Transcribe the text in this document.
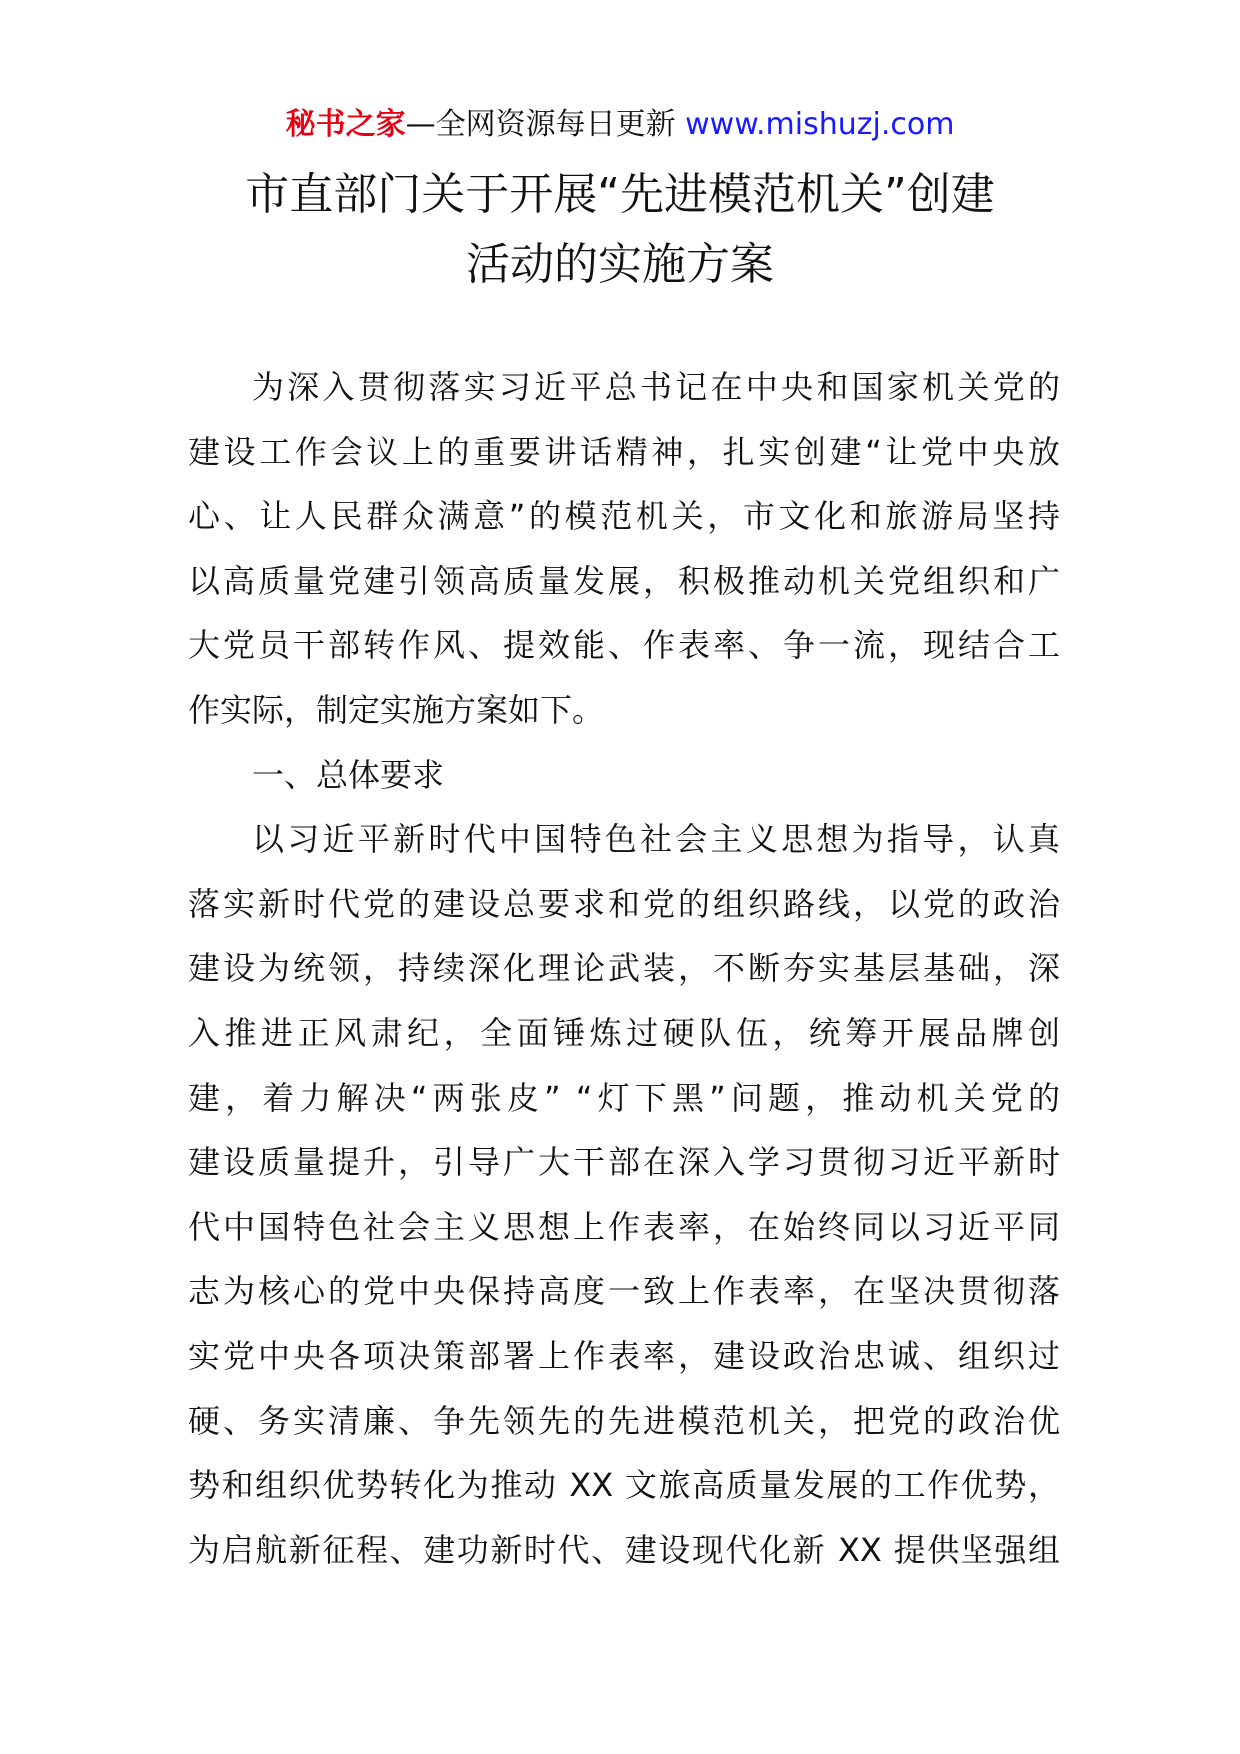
秘书之家—全网资源每日更新 www.mishuzj.com
市直部门关于开展“先进模范机关”创建
活动的实施方案
为深入贯彻落实习近平总书记在中央和国家机关党的
建设工作会议上的重要讲话精神，扎实创建“让党中央放
心、让人民群众满意”的模范机关，市文化和旅游局坚持
以高质量党建引领高质量发展，积极推动机关党组织和广
大党员干部转作风、提效能、作表率、争一流，现结合工
作实际，制定实施方案如下。
一、总体要求
以习近平新时代中国特色社会主义思想为指导，认真
落实新时代党的建设总要求和党的组织路线，以党的政治
建设为统领，持续深化理论武装，不断夯实基层基础，深
入推进正风肃纪，全面锤炼过硬队伍，统筹开展品牌创
建，着力解决“两张皮” “灯下黑”问题，推动机关党的
建设质量提升，引导广大干部在深入学习贯彻习近平新时
代中国特色社会主义思想上作表率，在始终同以习近平同
志为核心的党中央保持高度一致上作表率，在坚决贯彻落
实党中央各项决策部署上作表率，建设政治忠诚、组织过
硬、务实清廉、争先领先的先进模范机关，把党的政治优
势和组织优势转化为推动 XX 文旅高质量发展的工作优势，
为启航新征程、建功新时代、建设现代化新 XX 提供坚强组
